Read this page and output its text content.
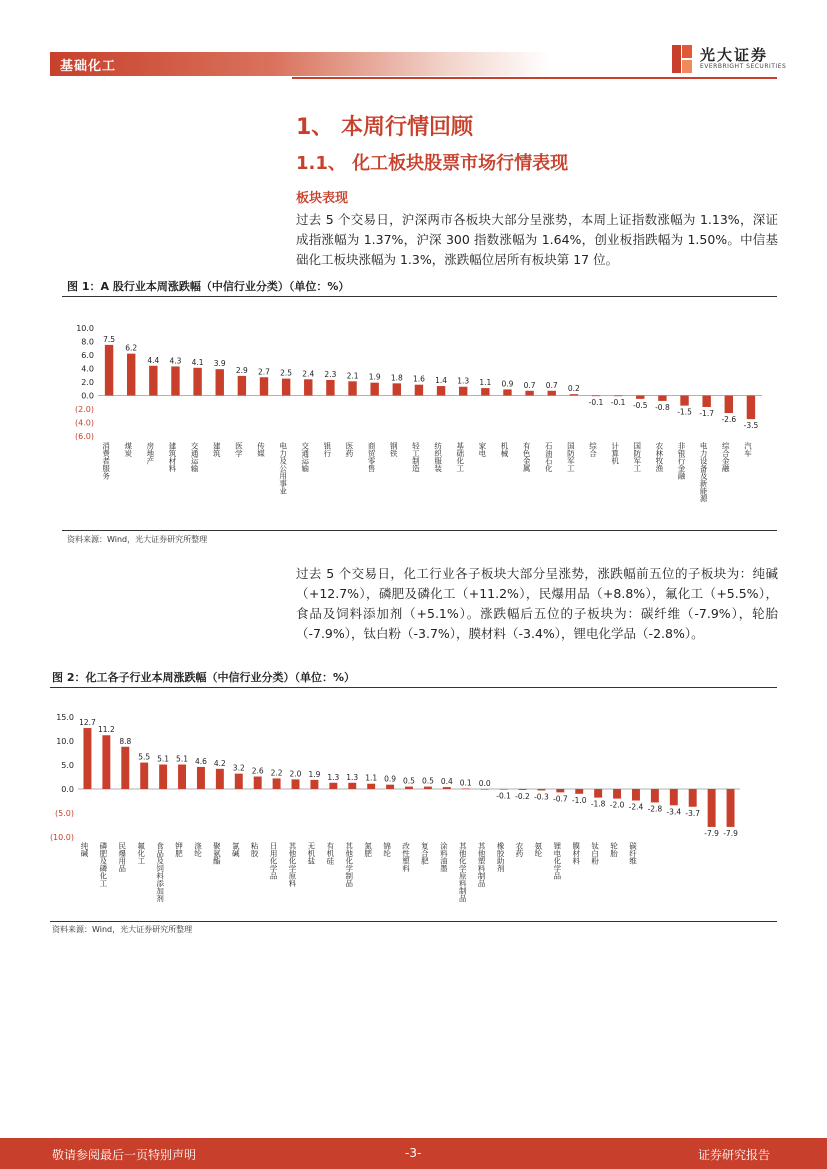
基础化工
光大证券
EVERBRIGHT SECURITIES
1、 本周行情回顾
1.1、 化工板块股票市场行情表现
板块表现
过去 5 个交易日，沪深两市各板块大部分呈涨势，本周上证指数涨幅为 1.13%，深证成指涨幅为 1.37%，沪深 300 指数涨幅为 1.64%，创业板指跌幅为 1.50%。中信基础化工板块涨幅为 1.3%，涨跌幅位居所有板块第 17 位。
图 1：A 股行业本周涨跌幅（中信行业分类）（单位：%）
10.0
8.0
6.0
4.0
2.0
0.0
(2.0)
(4.0)
(6.0)
7.5
6.2
4.4 4.3 4.1 3.9
2.9 2.7 2.5 2.4 2.3 2.1 1.9 1.8 1.6 1.4 1.3 1.1 0.9 0.7 0.7 0.2
-0.1 -0.1 -0.5 -0.8
-1.5 -1.7
-2.6
-3.5
消费者服务 煤炭 房地产 建筑材料 交通运输 建筑 医学 传媒 电力及公用事业 交通运输 银行 医药 商贸零售 钢铁 轻工制造 纺织服装 基础化工 家电 机械 有色金属 石油石化 国防军工 综合 计算机 国防军工 农林牧渔 非银行金融 电力设备及新能源 综合金融 汽车
资料来源：Wind，光大证券研究所整理
过去 5 个交易日，化工行业各子板块大部分呈涨势，涨跌幅前五位的子板块为：纯碱（+12.7%），磷肥及磷化工（+11.2%），民爆用品（+8.8%），氟化工（+5.5%），食品及饲料添加剂（+5.1%）。涨跌幅后五位的子板块为：碳纤维（-7.9%），轮胎（-7.9%），钛白粉（-3.7%），膜材料（-3.4%），锂电化学品（-2.8%）。
图 2：化工各子行业本周涨跌幅（中信行业分类）（单位：%）
15.0
10.0
5.0
0.0
(5.0)
(10.0)
12.7
11.2
8.8
5.5 5.1 5.1 4.6 4.2
3.2 2.6 2.2 2.0 1.9 1.3 1.3 1.1 0.9 0.5 0.5 0.4 0.1 0.0
-0.1 -0.2 -0.3 -0.7 -1.0 -1.8 -2.0 -2.4 -2.8 -3.4 -3.7
-7.9 -7.9
纯碱 磷肥及磷化工 民爆用品 氟化工 食品及饲料添加剂 钾肥 涤纶 聚氨酯 氯碱 粘胶 日用化学品 其他化学原料 无机盐 有机硅 其他化学制品 氮肥 锦纶 改性塑料 复合肥 涂料油墨 其他化学原料制品 其他塑料制品 橡胶助剂 农药 氨纶 锂电化学品 膜材料 钛白粉 轮胎 碳纤维
资料来源：Wind，光大证券研究所整理
敬请参阅最后一页特别声明	-3-	证券研究报告
